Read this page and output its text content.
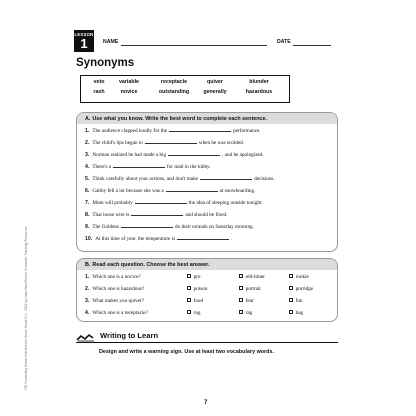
230 Vocabulary Words Kids Need to Know: Grade 5 © 2012 by Linda Ward Beech, Scholastic Teaching Resources
LESSON
1	NAME	DATE
Synonyms
veto	variable	receptacle	quiver	blunder
rash	novice	outstanding	generally	hazardous
A. Use what you know. Write the best word to complete each sentence.
1. The audience clapped loudly for the	performance.
2. The child's lips began to	when he was scolded.
3. Norman realized he had made a big	, and he apologized.
4. There's a	for mail in the lobby.
5. Think carefully about your actions, and don't make	decisions.
6. Gabby fell a lot because she was a	at snowboarding.
7. Mom will probably	the idea of sleeping outside tonight.
8. That loose wire is	and should be fixed.
9. The Goldens	do their errands on Saturday morning.
10. At this time of year, the temperature is	.
B. Read each question. Choose the best answer.
1. Which one is a novice?	pro	old-timer	rookie
2. Which one is hazardous?	poison	portrait	porridge
3. What makes you quiver?	food	fear	fun
4. Which one is a receptacle?	rug	rag	bag
Writing to Learn
Design and write a warning sign. Use at least two vocabulary words.
7
